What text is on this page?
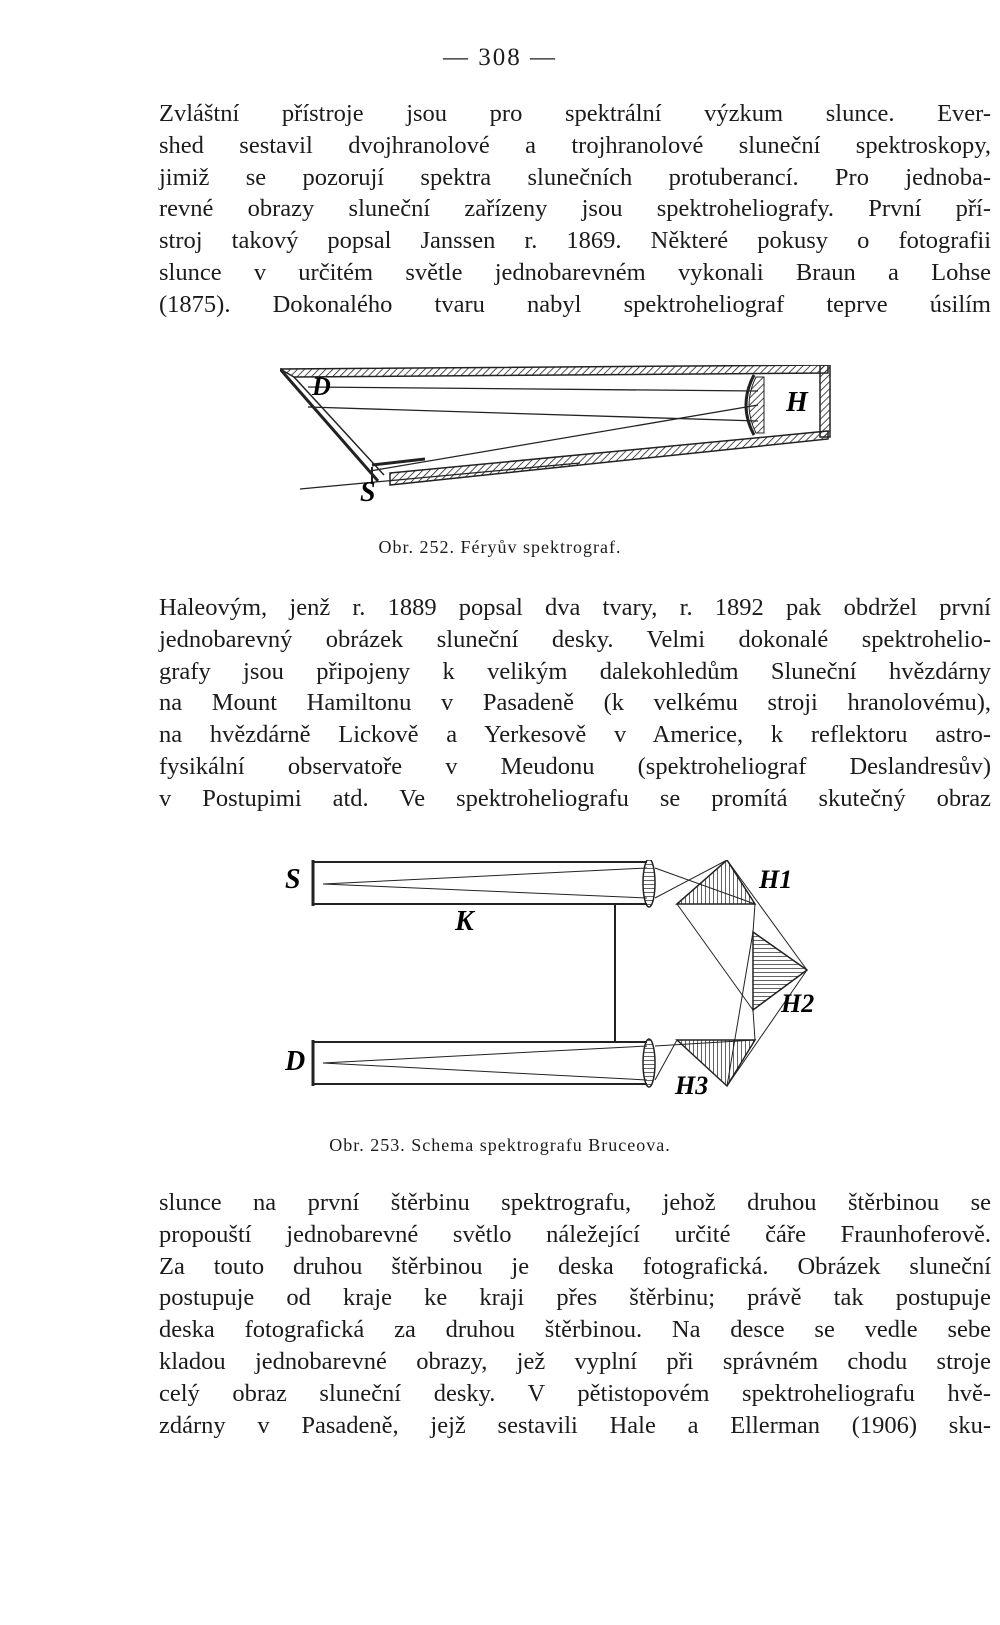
— 308 —

Zvláštní přístroje jsou pro spektrální výzkum slunce. Ever-
shed sestavil dvojhranolové a trojhranolové sluneční spektroskopy,
jimiž se pozorují spektra slunečních protuberancí. Pro jednoba-
revné obrazy sluneční zařízeny jsou spektroheliografy. První pří-
stroj takový popsal Janssen r. 1869. Některé pokusy o fotografii
slunce v určitém světle jednobarevném vykonali Braun a Lohse
(1875). Dokonalého tvaru nabyl spektroheliograf teprve úsilím

D
H
S
Obr. 252. Féryův spektrograf.

Haleovým, jenž r. 1889 popsal dva tvary, r. 1892 pak obdržel první
jednobarevný obrázek sluneční desky. Velmi dokonalé spektrohelio-
grafy jsou připojeny k velikým dalekohledům Sluneční hvězdárny
na Mount Hamiltonu v Pasadeně (k velkému stroji hranolovému),
na hvězdárně Lickově a Yerkesově v Americe, k reflektoru astro-
fysikální observatoře v Meudonu (spektroheliograf Deslandresův)
v Postupimi atd. Ve spektroheliografu se promítá skutečný obraz

S
K
D
H1
H2
H3
Obr. 253. Schema spektrografu Bruceova.

slunce na první štěrbinu spektrografu, jehož druhou štěrbinou se
propouští jednobarevné světlo náležející určité čáře Fraunhoferově.
Za touto druhou štěrbinou je deska fotografická. Obrázek sluneční
postupuje od kraje ke kraji přes štěrbinu; právě tak postupuje
deska fotografická za druhou štěrbinou. Na desce se vedle sebe
kladou jednobarevné obrazy, jež vyplní při správném chodu stroje
celý obraz sluneční desky. V pětistopovém spektroheliografu hvě-
zdárny v Pasadeně, jejž sestavili Hale a Ellerman (1906) sku-
